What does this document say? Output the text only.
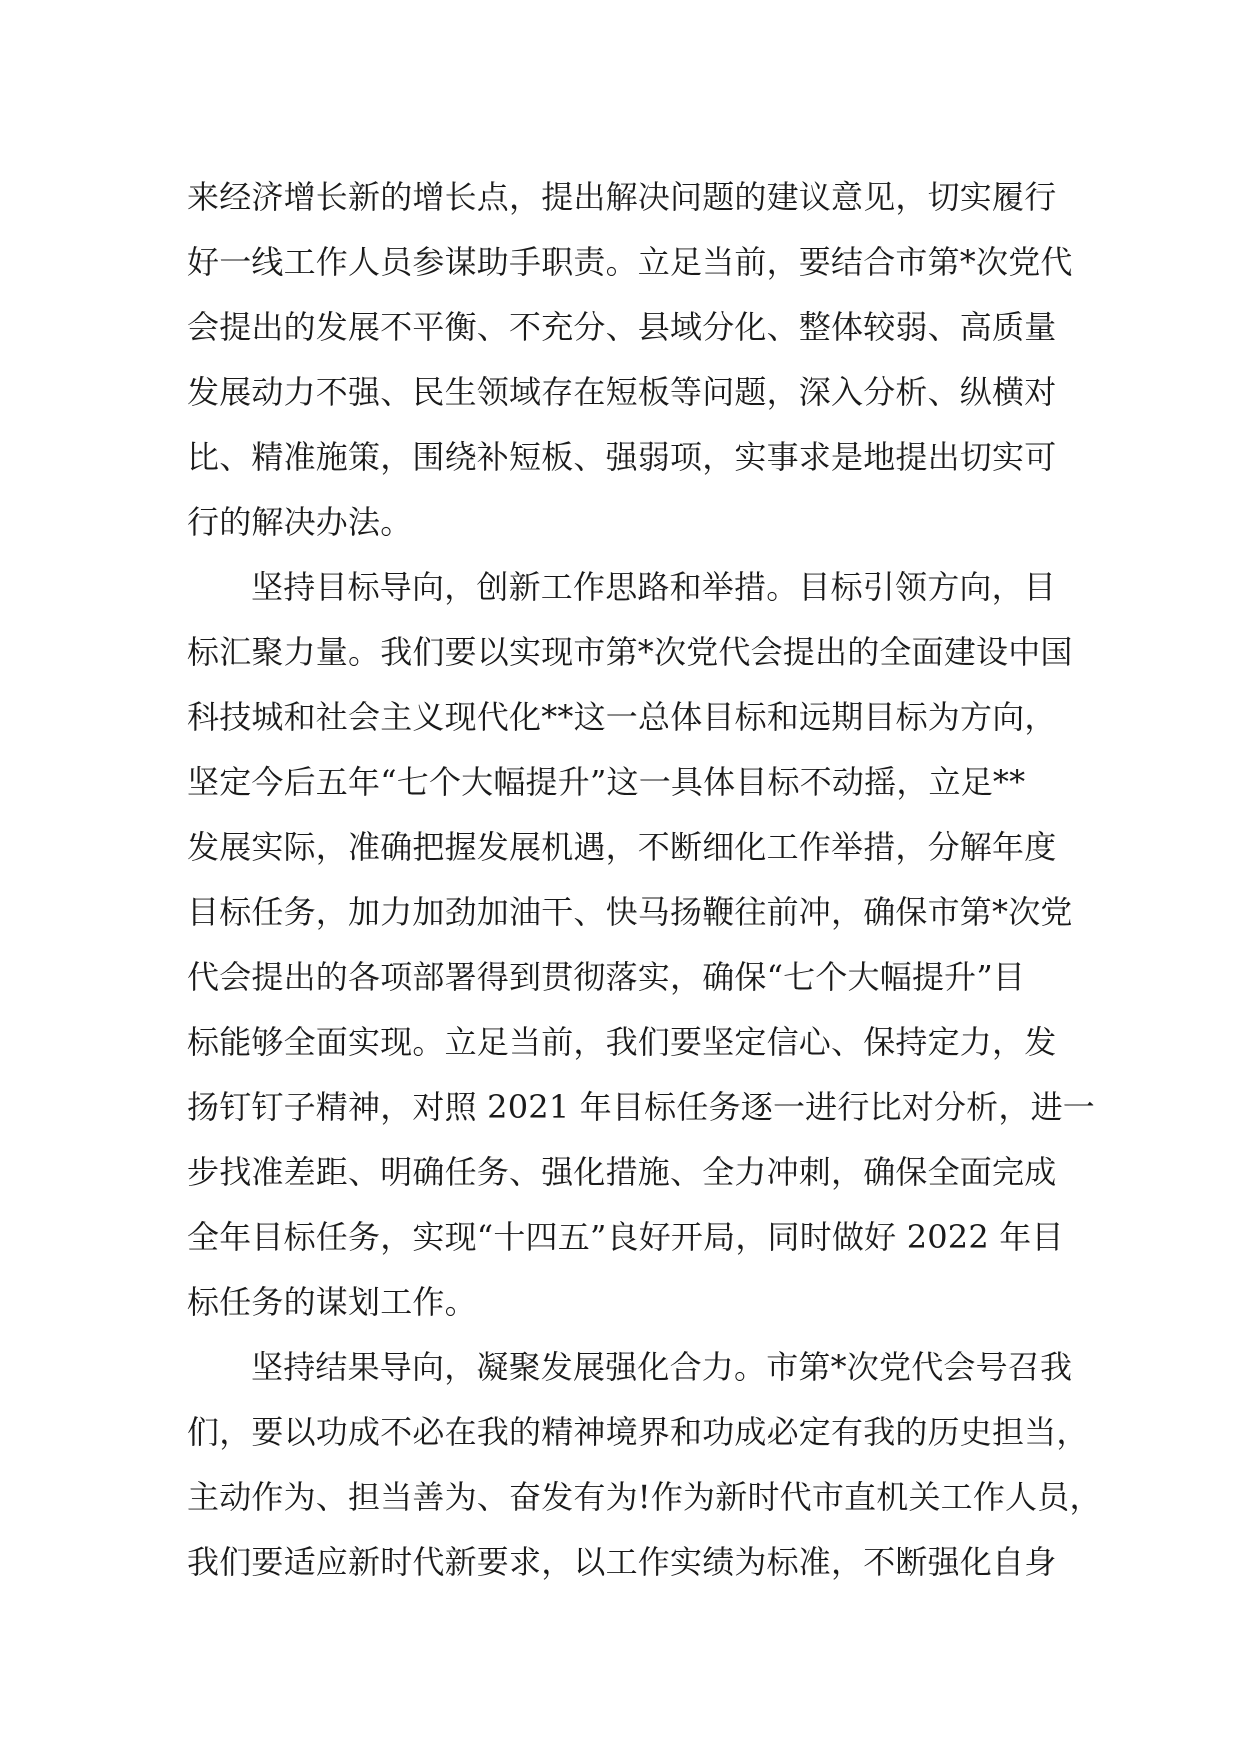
来经济增长新的增长点，提出解决问题的建议意见，切实履行
好一线工作人员参谋助手职责。立足当前，要结合市第*次党代
会提出的发展不平衡、不充分、县域分化、整体较弱、高质量
发展动力不强、民生领域存在短板等问题，深入分析、纵横对
比、精准施策，围绕补短板、强弱项，实事求是地提出切实可
行的解决办法。
坚持目标导向，创新工作思路和举措。目标引领方向，目
标汇聚力量。我们要以实现市第*次党代会提出的全面建设中国
科技城和社会主义现代化**这一总体目标和远期目标为方向，
坚定今后五年“七个大幅提升”这一具体目标不动摇，立足**
发展实际，准确把握发展机遇，不断细化工作举措，分解年度
目标任务，加力加劲加油干、快马扬鞭往前冲，确保市第*次党
代会提出的各项部署得到贯彻落实，确保“七个大幅提升”目
标能够全面实现。立足当前，我们要坚定信心、保持定力，发
扬钉钉子精神，对照 2021 年目标任务逐一进行比对分析，进一
步找准差距、明确任务、强化措施、全力冲刺，确保全面完成
全年目标任务，实现“十四五”良好开局，同时做好 2022 年目
标任务的谋划工作。
坚持结果导向，凝聚发展强化合力。市第*次党代会号召我
们，要以功成不必在我的精神境界和功成必定有我的历史担当，
主动作为、担当善为、奋发有为!作为新时代市直机关工作人员，
我们要适应新时代新要求，以工作实绩为标准，不断强化自身
